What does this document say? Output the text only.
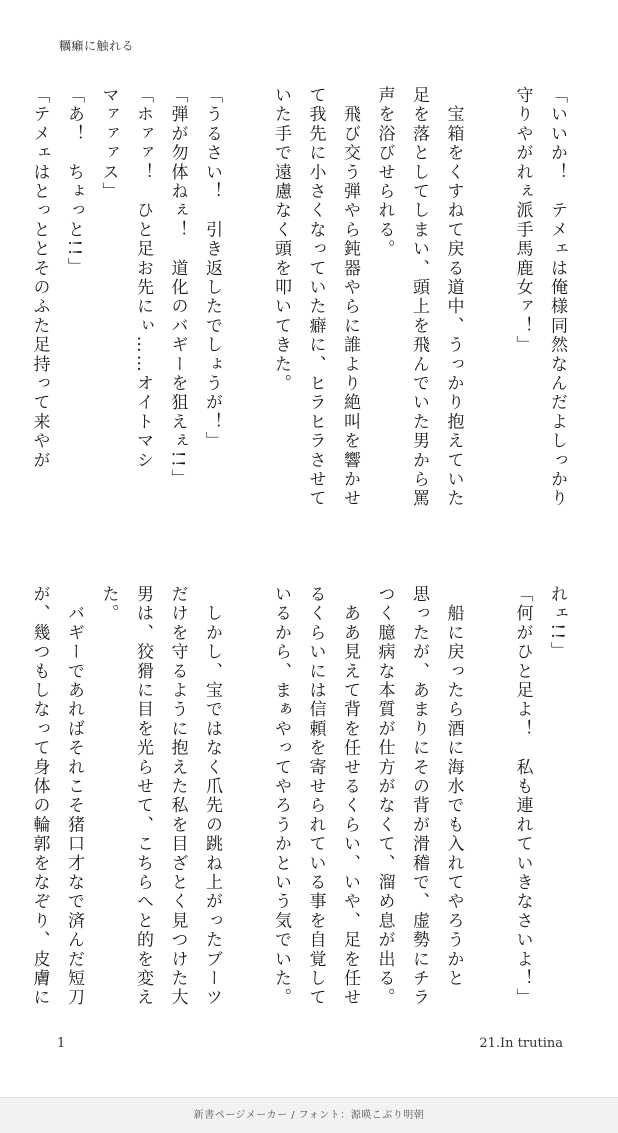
糲癩に触れる
「いいか！　テメェは俺様同然なんだよしっかり
守りやがれぇ派手馬鹿女ァ！」

　宝箱をくすねて戻る道中、うっかり抱えていた
足を落としてしまい、頭上を飛んでいた男から罵
声を浴びせられる。
　飛び交う弾やら鈍器やらに誰より絶叫を響かせ
て我先に小さくなっていた癖に、ヒラヒラさせて
いた手で遠慮なく頭を叩いてきた。

「うるさい！　引き返したでしょうが！」
「弾が勿体ねぇ！　道化のバギーを狙えぇ!!」
「ホァァ！　ひと足お先にぃ……オイトマシ
マァァァス」
「あ！　ちょっと!!」
「テメェはとっととそのふた足持って来やが
れェ!!」
「何がひと足よ！　私も連れていきなさいよ！」

　船に戻ったら酒に海水でも入れてやろうかと
思ったが、あまりにその背が滑稽で、虚勢にチラ
つく臆病な本質が仕方がなくて、溜め息が出る。
　ああ見えて背を任せるくらい、いや、足を任せ
るくらいには信頼を寄せられている事を自覚して
いるから、まぁやってやろうかという気でいた。

　しかし、宝ではなく爪先の跳ね上がったブーツ
だけを守るように抱えた私を目ざとく見つけた大
男は、狡猾に目を光らせて、こちらへと的を変え
た。
　バギーであればそれこそ猪口才なで済んだ短刀
が、幾つもしなって身体の輪郭をなぞり、皮膚に
1	21.In trutina
新書ページメーカー / フォント：源暎こぶり明朝
